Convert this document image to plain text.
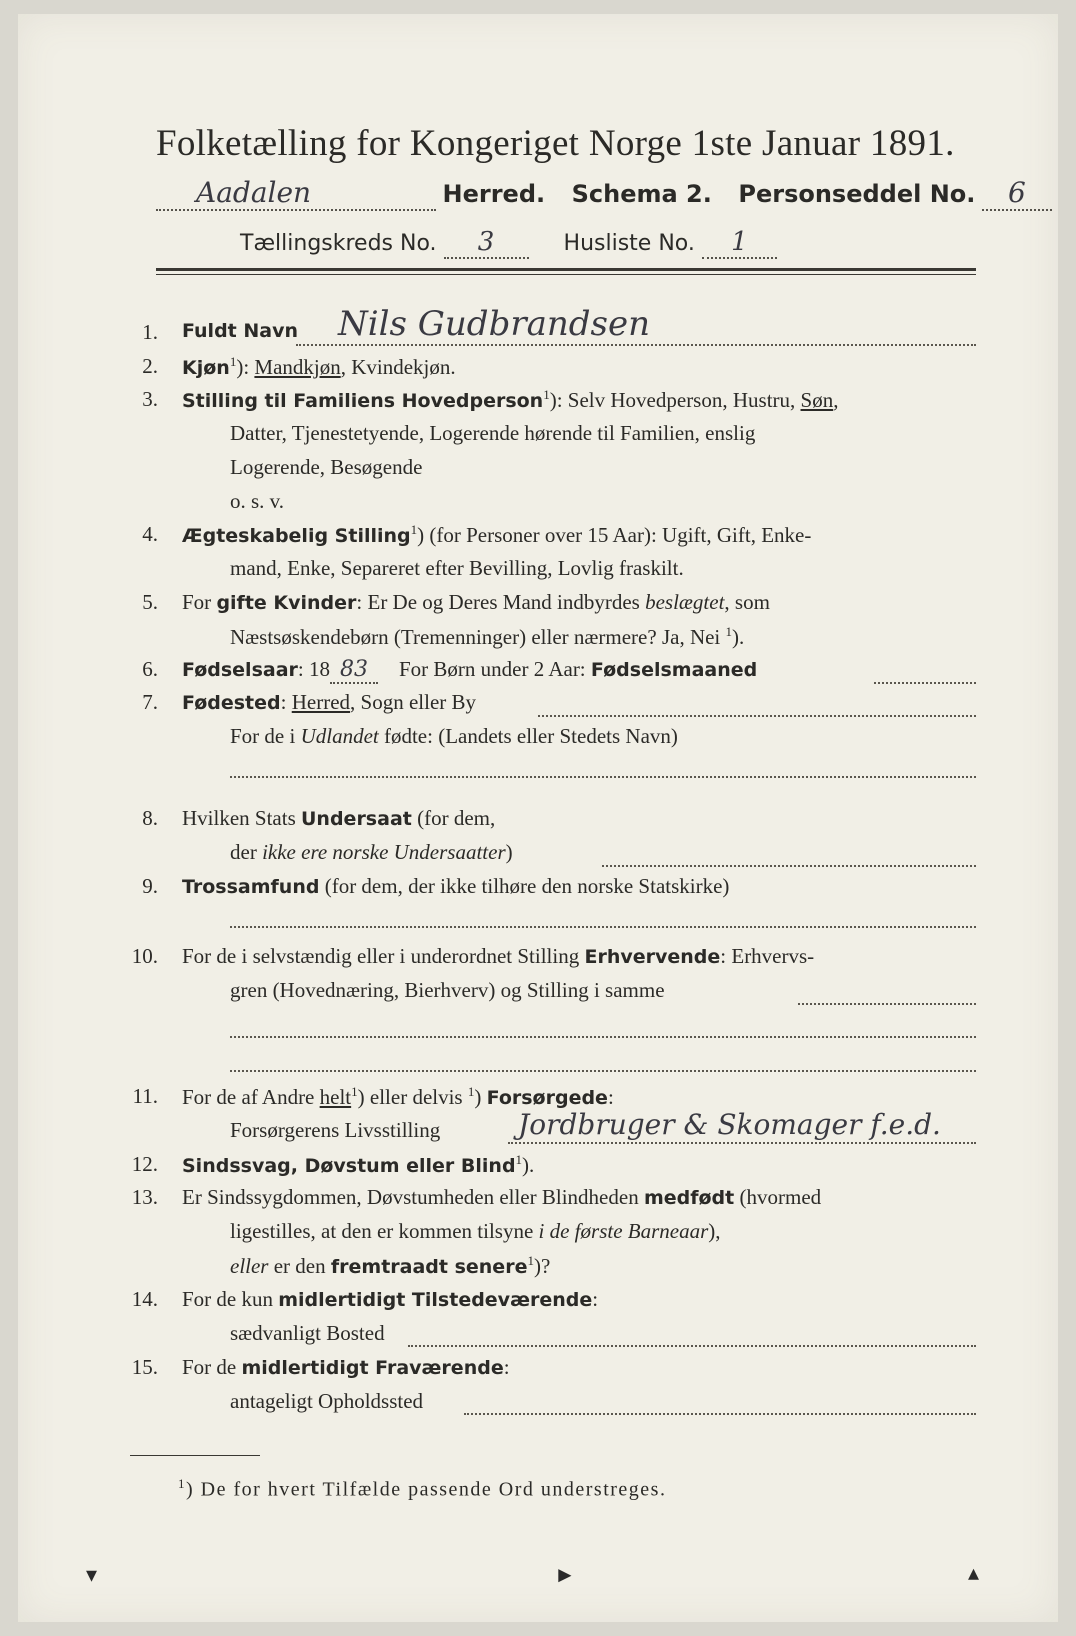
Folketælling for Kongeriget Norge 1ste Januar 1891.
Aadalen	Herred. Schema 2. Personseddel No. 6
Tællingskreds No. 3	Husliste No. 1
1. Fuldt Navn Nils Gudbrandsen
2. Kjøn$^1$): Mandkjøn, Kvindekjøn.
3. Stilling til Familiens Hovedperson$^1$): Selv Hovedperson, Hustru, Søn,
Datter, Tjenestetyende, Logerende hørende til Familien, enslig
Logerende, Besøgende
o. s. v.
4. Ægteskabelig Stilling$^1$) (for Personer over 15 Aar): Ugift, Gift, Enke-
mand, Enke, Separeret efter Bevilling, Lovlig fraskilt.
5. For gifte Kvinder: Er De og Deres Mand indbyrdes beslægtet, som
Næstsøskendebørn (Tremenninger) eller nærmere? Ja, Nei $^1$).
6. Fødselsaar: 18 83 For Børn under 2 Aar: Fødselsmaaned
7. Fødested: Herred, Sogn eller By
For de i Udlandet fødte: (Landets eller Stedets Navn)
8. Hvilken Stats Undersaat (for dem,
der ikke ere norske Undersaatter)
9. Trossamfund (for dem, der ikke tilhøre den norske Statskirke)
10. For de i selvstændig eller i underordnet Stilling Erhvervende: Erhvervs-
gren (Hovednæring, Bierhverv) og Stilling i samme
11. For de af Andre helt$^1$) eller delvis $^1$) Forsørgede:
Forsørgerens Livsstilling	Jordbruger & Skomager f.e.d.
12. Sindssvag, Døvstum eller Blind$^1$).
13. Er Sindssygdommen, Døvstumheden eller Blindheden medfødt (hvormed
ligestilles, at den er kommen tilsyne i de første Barneaar),
eller er den fremtraadt senere$^1$)?
14. For de kun midlertidigt Tilstedeværende:
sædvanligt Bosted
15. For de midlertidigt Fraværende:
antageligt Opholdssted
$^1$) De for hvert Tilfælde passende Ord understreges.
▾	►	▴
